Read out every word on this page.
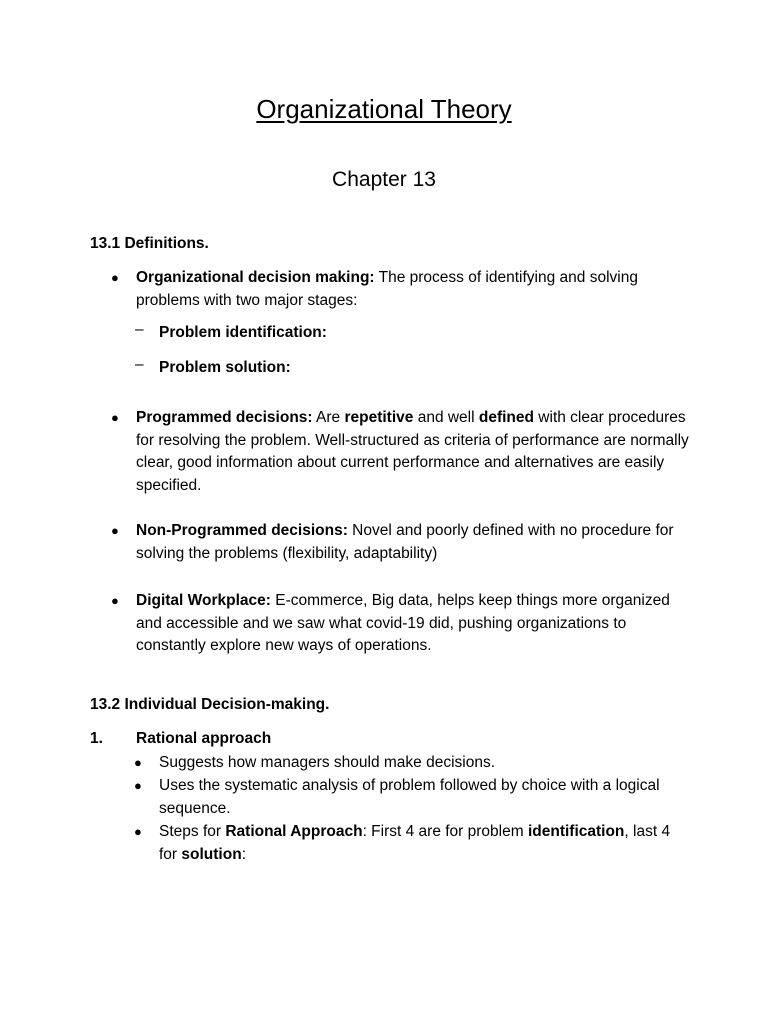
Organizational Theory
Chapter 13
13.1 Definitions.
● Organizational decision making: The process of identifying and solving problems with two major stages:
– Problem identification:
– Problem solution:
● Programmed decisions: Are repetitive and well defined with clear procedures for resolving the problem. Well-structured as criteria of performance are normally clear, good information about current performance and alternatives are easily specified.
● Non-Programmed decisions: Novel and poorly defined with no procedure for solving the problems (flexibility, adaptability)
● Digital Workplace: E-commerce, Big data, helps keep things more organized and accessible and we saw what covid-19 did, pushing organizations to constantly explore new ways of operations.
13.2 Individual Decision-making.
1. Rational approach
● Suggests how managers should make decisions.
● Uses the systematic analysis of problem followed by choice with a logical sequence.
● Steps for Rational Approach: First 4 are for problem identification, last 4 for solution:
